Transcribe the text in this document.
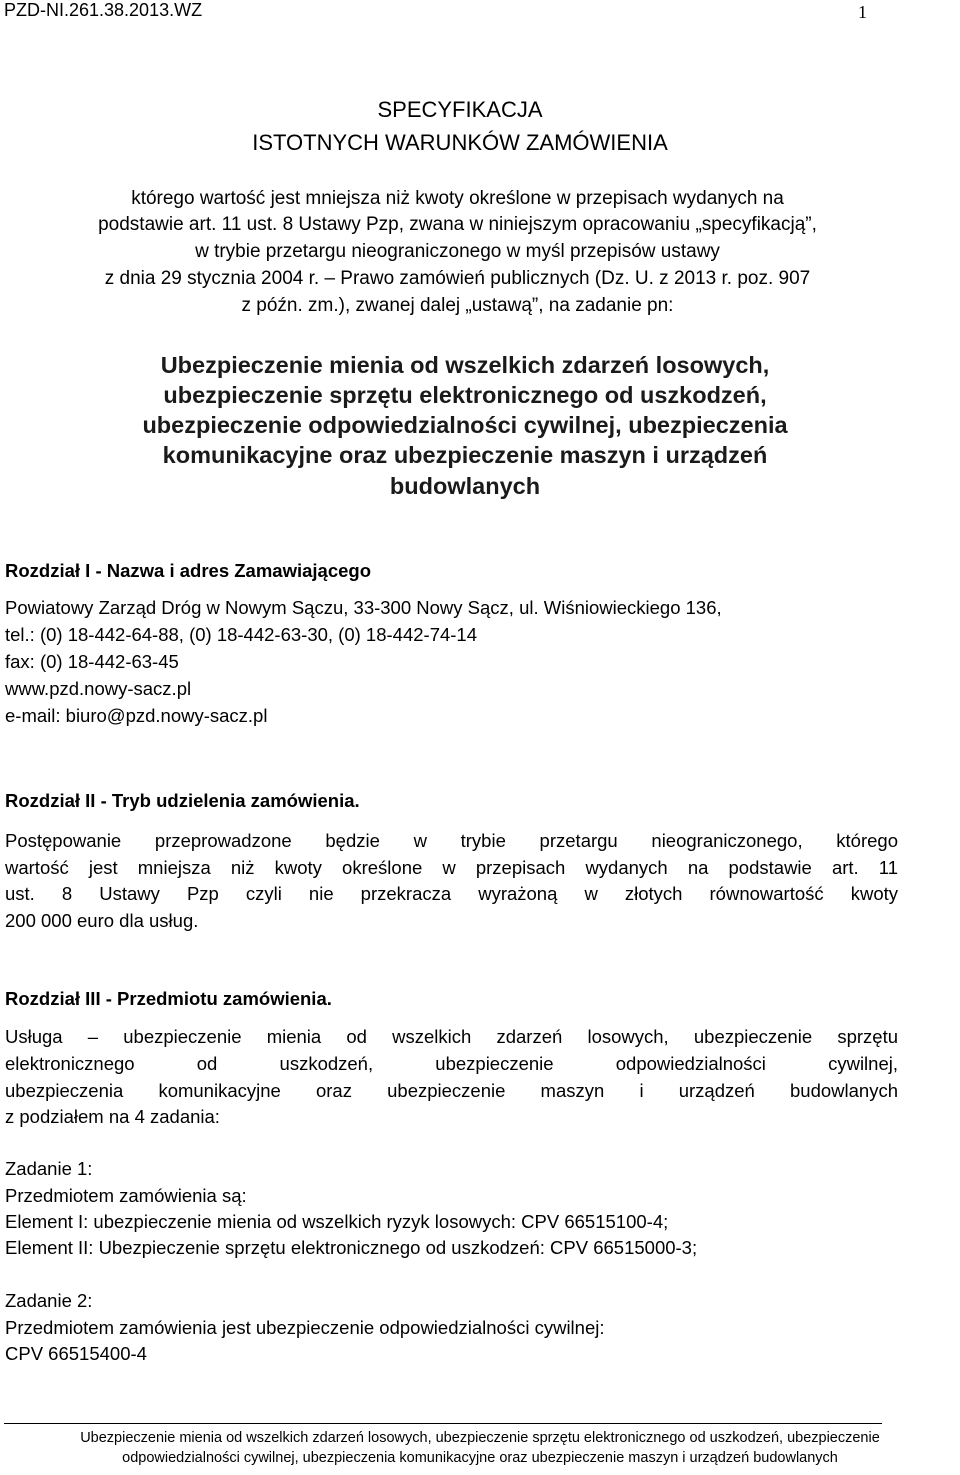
PZD-NI.261.38.2013.WZ	1
SPECYFIKACJA
ISTOTNYCH WARUNKÓW ZAMÓWIENIA
którego wartość jest mniejsza niż kwoty określone w przepisach wydanych na
podstawie art. 11 ust. 8 Ustawy Pzp, zwana w niniejszym opracowaniu „specyfikacją”,
w trybie przetargu nieograniczonego w myśl przepisów ustawy
z dnia 29 stycznia 2004 r. – Prawo zamówień publicznych (Dz. U. z 2013 r. poz. 907
z późn. zm.), zwanej dalej „ustawą”, na zadanie pn:
Ubezpieczenie mienia od wszelkich zdarzeń losowych,
ubezpieczenie sprzętu elektronicznego od uszkodzeń,
ubezpieczenie odpowiedzialności cywilnej, ubezpieczenia
komunikacyjne oraz ubezpieczenie maszyn i urządzeń
budowlanych
Rozdział I - Nazwa i adres Zamawiającego
Powiatowy Zarząd Dróg w Nowym Sączu, 33-300 Nowy Sącz, ul. Wiśniowieckiego 136,
tel.: (0) 18-442-64-88, (0) 18-442-63-30, (0) 18-442-74-14
fax: (0) 18-442-63-45
www.pzd.nowy-sacz.pl
e-mail: biuro@pzd.nowy-sacz.pl
Rozdział II - Tryb udzielenia zamówienia.
Postępowanie przeprowadzone będzie w trybie przetargu nieograniczonego, którego
wartość jest mniejsza niż kwoty określone w przepisach wydanych na podstawie art. 11
ust. 8 Ustawy Pzp czyli nie przekracza wyrażoną w złotych równowartość kwoty
200 000 euro dla usług.
Rozdział III - Przedmiotu zamówienia.
Usługa – ubezpieczenie mienia od wszelkich zdarzeń losowych, ubezpieczenie sprzętu
elektronicznego od uszkodzeń, ubezpieczenie odpowiedzialności cywilnej,
ubezpieczenia komunikacyjne oraz ubezpieczenie maszyn i urządzeń budowlanych
z podziałem na 4 zadania:
Zadanie 1:
Przedmiotem zamówienia są:
Element I: ubezpieczenie mienia od wszelkich ryzyk losowych: CPV 66515100-4;
Element II: Ubezpieczenie sprzętu elektronicznego od uszkodzeń: CPV 66515000-3;
Zadanie 2:
Przedmiotem zamówienia jest ubezpieczenie odpowiedzialności cywilnej:
CPV 66515400-4
Ubezpieczenie mienia od wszelkich zdarzeń losowych, ubezpieczenie sprzętu elektronicznego od uszkodzeń, ubezpieczenie
odpowiedzialności cywilnej, ubezpieczenia komunikacyjne oraz ubezpieczenie maszyn i urządzeń budowlanych
